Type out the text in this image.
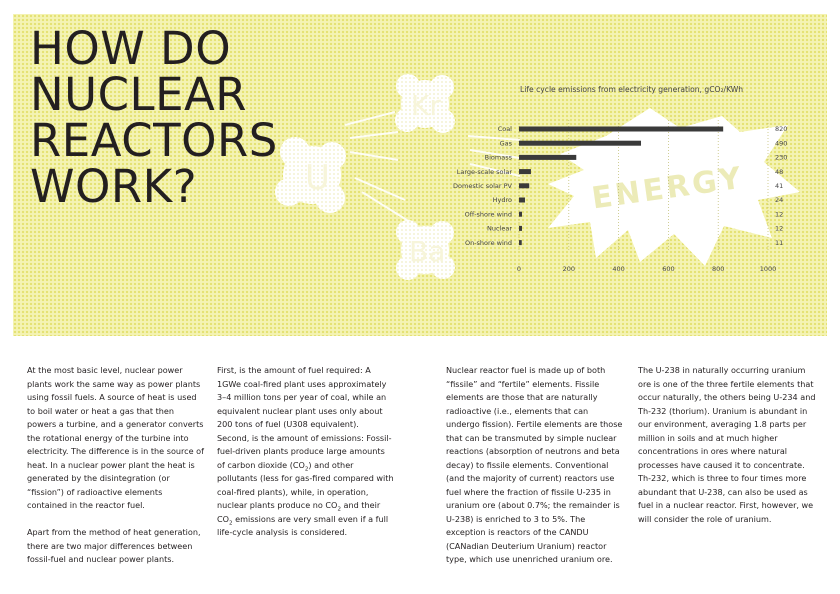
U
Kr
Ba
ENERGY
HOW DO
NUCLEAR
REACTORS
WORK?
Life cycle emissions from electricity generation, gCO₂/KWh
Coal
Gas
Biomass
Large-scale solar
Domestic solar PV
Hydro
Off-shore wind
Nuclear
On-shore wind
820
490
230
48
41
24
12
12
11
0	200	400	600	800	1000

At the most basic level, nuclear power plants work the same way as power plants using fossil fuels. A source of heat is used to boil water or heat a gas that then powers a turbine, and a generator converts the rotational energy of the turbine into electricity. The difference is in the source of heat. In a nuclear power plant the heat is generated by the disintegration (or “fission”) of radioactive elements contained in the reactor fuel.

Apart from the method of heat generation, there are two major differences between fossil-fuel and nuclear power plants.

First, is the amount of fuel required: A 1GWe coal-fired plant uses approximately 3–4 million tons per year of coal, while an equivalent nuclear plant uses only about 200 tons of fuel (U308 equivalent).
Second, is the amount of emissions: Fossil-fuel-driven plants produce large amounts of carbon dioxide $(CO_2)$ and other pollutants (less for gas-fired compared with coal-fired plants), while, in operation, nuclear plants produce no $CO_2$ and their $CO_2$ emissions are very small even if a full life-cycle analysis is considered.

Nuclear reactor fuel is made up of both “fissile” and “fertile” elements. Fissile elements are those that are naturally radioactive (i.e., elements that can undergo fission). Fertile elements are those that can be transmuted by simple nuclear reactions (absorption of neutrons and beta decay) to fissile elements. Conventional (and the majority of current) reactors use fuel where the fraction of fissile U-235 in uranium ore (about 0.7%; the remainder is U-238) is enriched to 3 to 5%. The exception is reactors of the CANDU (CANadian Deuterium Uranium) reactor type, which use unenriched uranium ore.

The U-238 in naturally occurring uranium ore is one of the three fertile elements that occur naturally, the others being U-234 and Th-232 (thorium). Uranium is abundant in our environment, averaging 1.8 parts per million in soils and at much higher concentrations in ores where natural processes have caused it to concentrate. Th-232, which is three to four times more abundant that U-238, can also be used as fuel in a nuclear reactor. First, however, we will consider the role of uranium.
